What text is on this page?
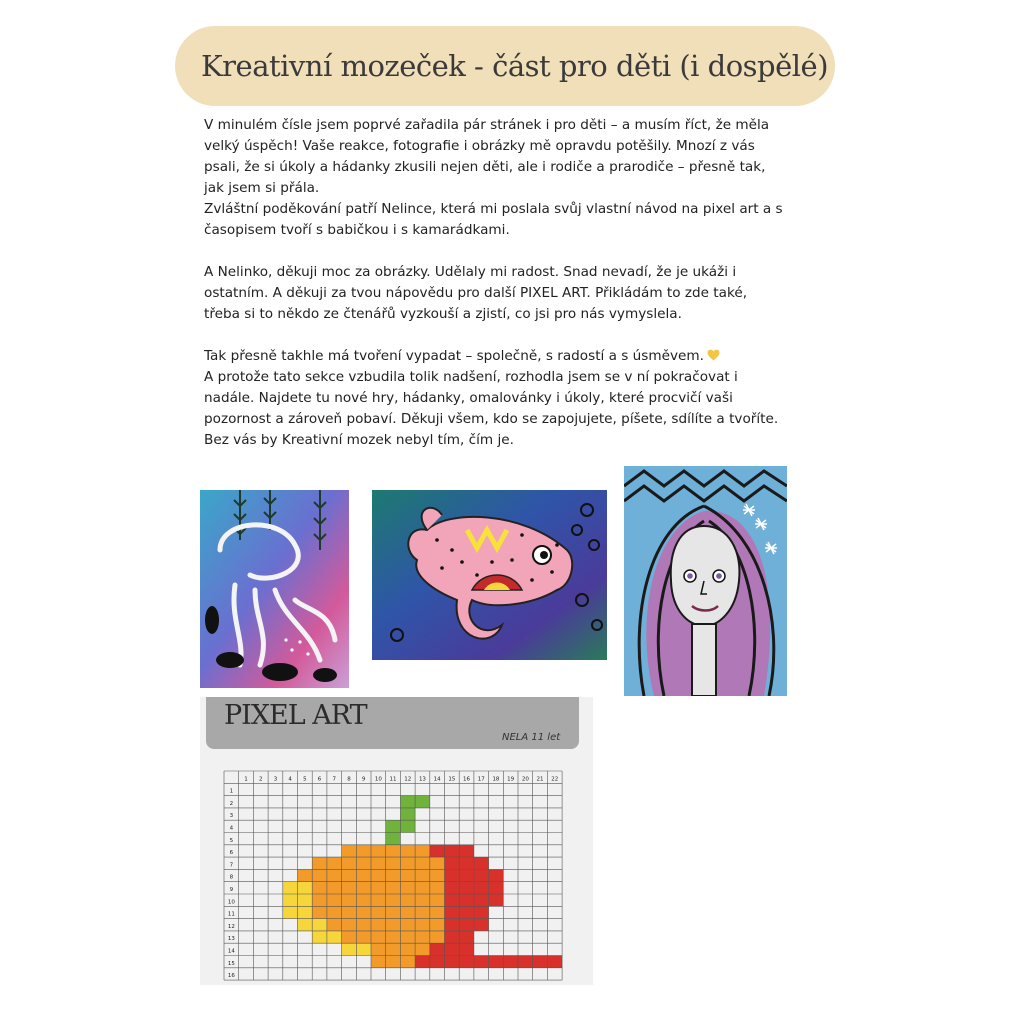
Kreativní mozeček - část pro děti (i dospělé)

V minulém čísle jsem poprvé zařadila pár stránek i pro děti – a musím říct, že měla

velký úspěch! Vaše reakce, fotografie i obrázky mě opravdu potěšily. Mnozí z vás

psali, že si úkoly a hádanky zkusili nejen děti, ale i rodiče a prarodiče – přesně tak,

jak jsem si přála.

Zvláštní poděkování patří Nelince, která mi poslala svůj vlastní návod na pixel art a s

časopisem tvoří s babičkou i s kamarádkami.

A Nelinko, děkuji moc za obrázky. Udělaly mi radost. Snad nevadí, že je ukáži i

ostatním. A děkuji za tvou nápovědu pro další PIXEL ART. Přikládám to zde také,

třeba si to někdo ze čtenářů vyzkouší a zjistí, co jsi pro nás vymyslela.

Tak přesně takhle má tvoření vypadat – společně, s radostí a s úsměvem.

A protože tato sekce vzbudila tolik nadšení, rozhodla jsem se v ní pokračovat i

nadále. Najdete tu nové hry, hádanky, omalovánky i úkoly, které procvičí vaši

pozornost a zároveň pobaví. Děkuji všem, kdo se zapojujete, píšete, sdílíte a tvoříte.

Bez vás by Kreativní mozek nebyl tím, čím je.

PIXEL ART
NELA 11 let
1 2 3 4 5 6 7 8 9 10 11 12 13 14 15 16 17 18 19 20 21 22
1
2
3
4
5
6
7
8
9
10
11
12
13
14
15
16
